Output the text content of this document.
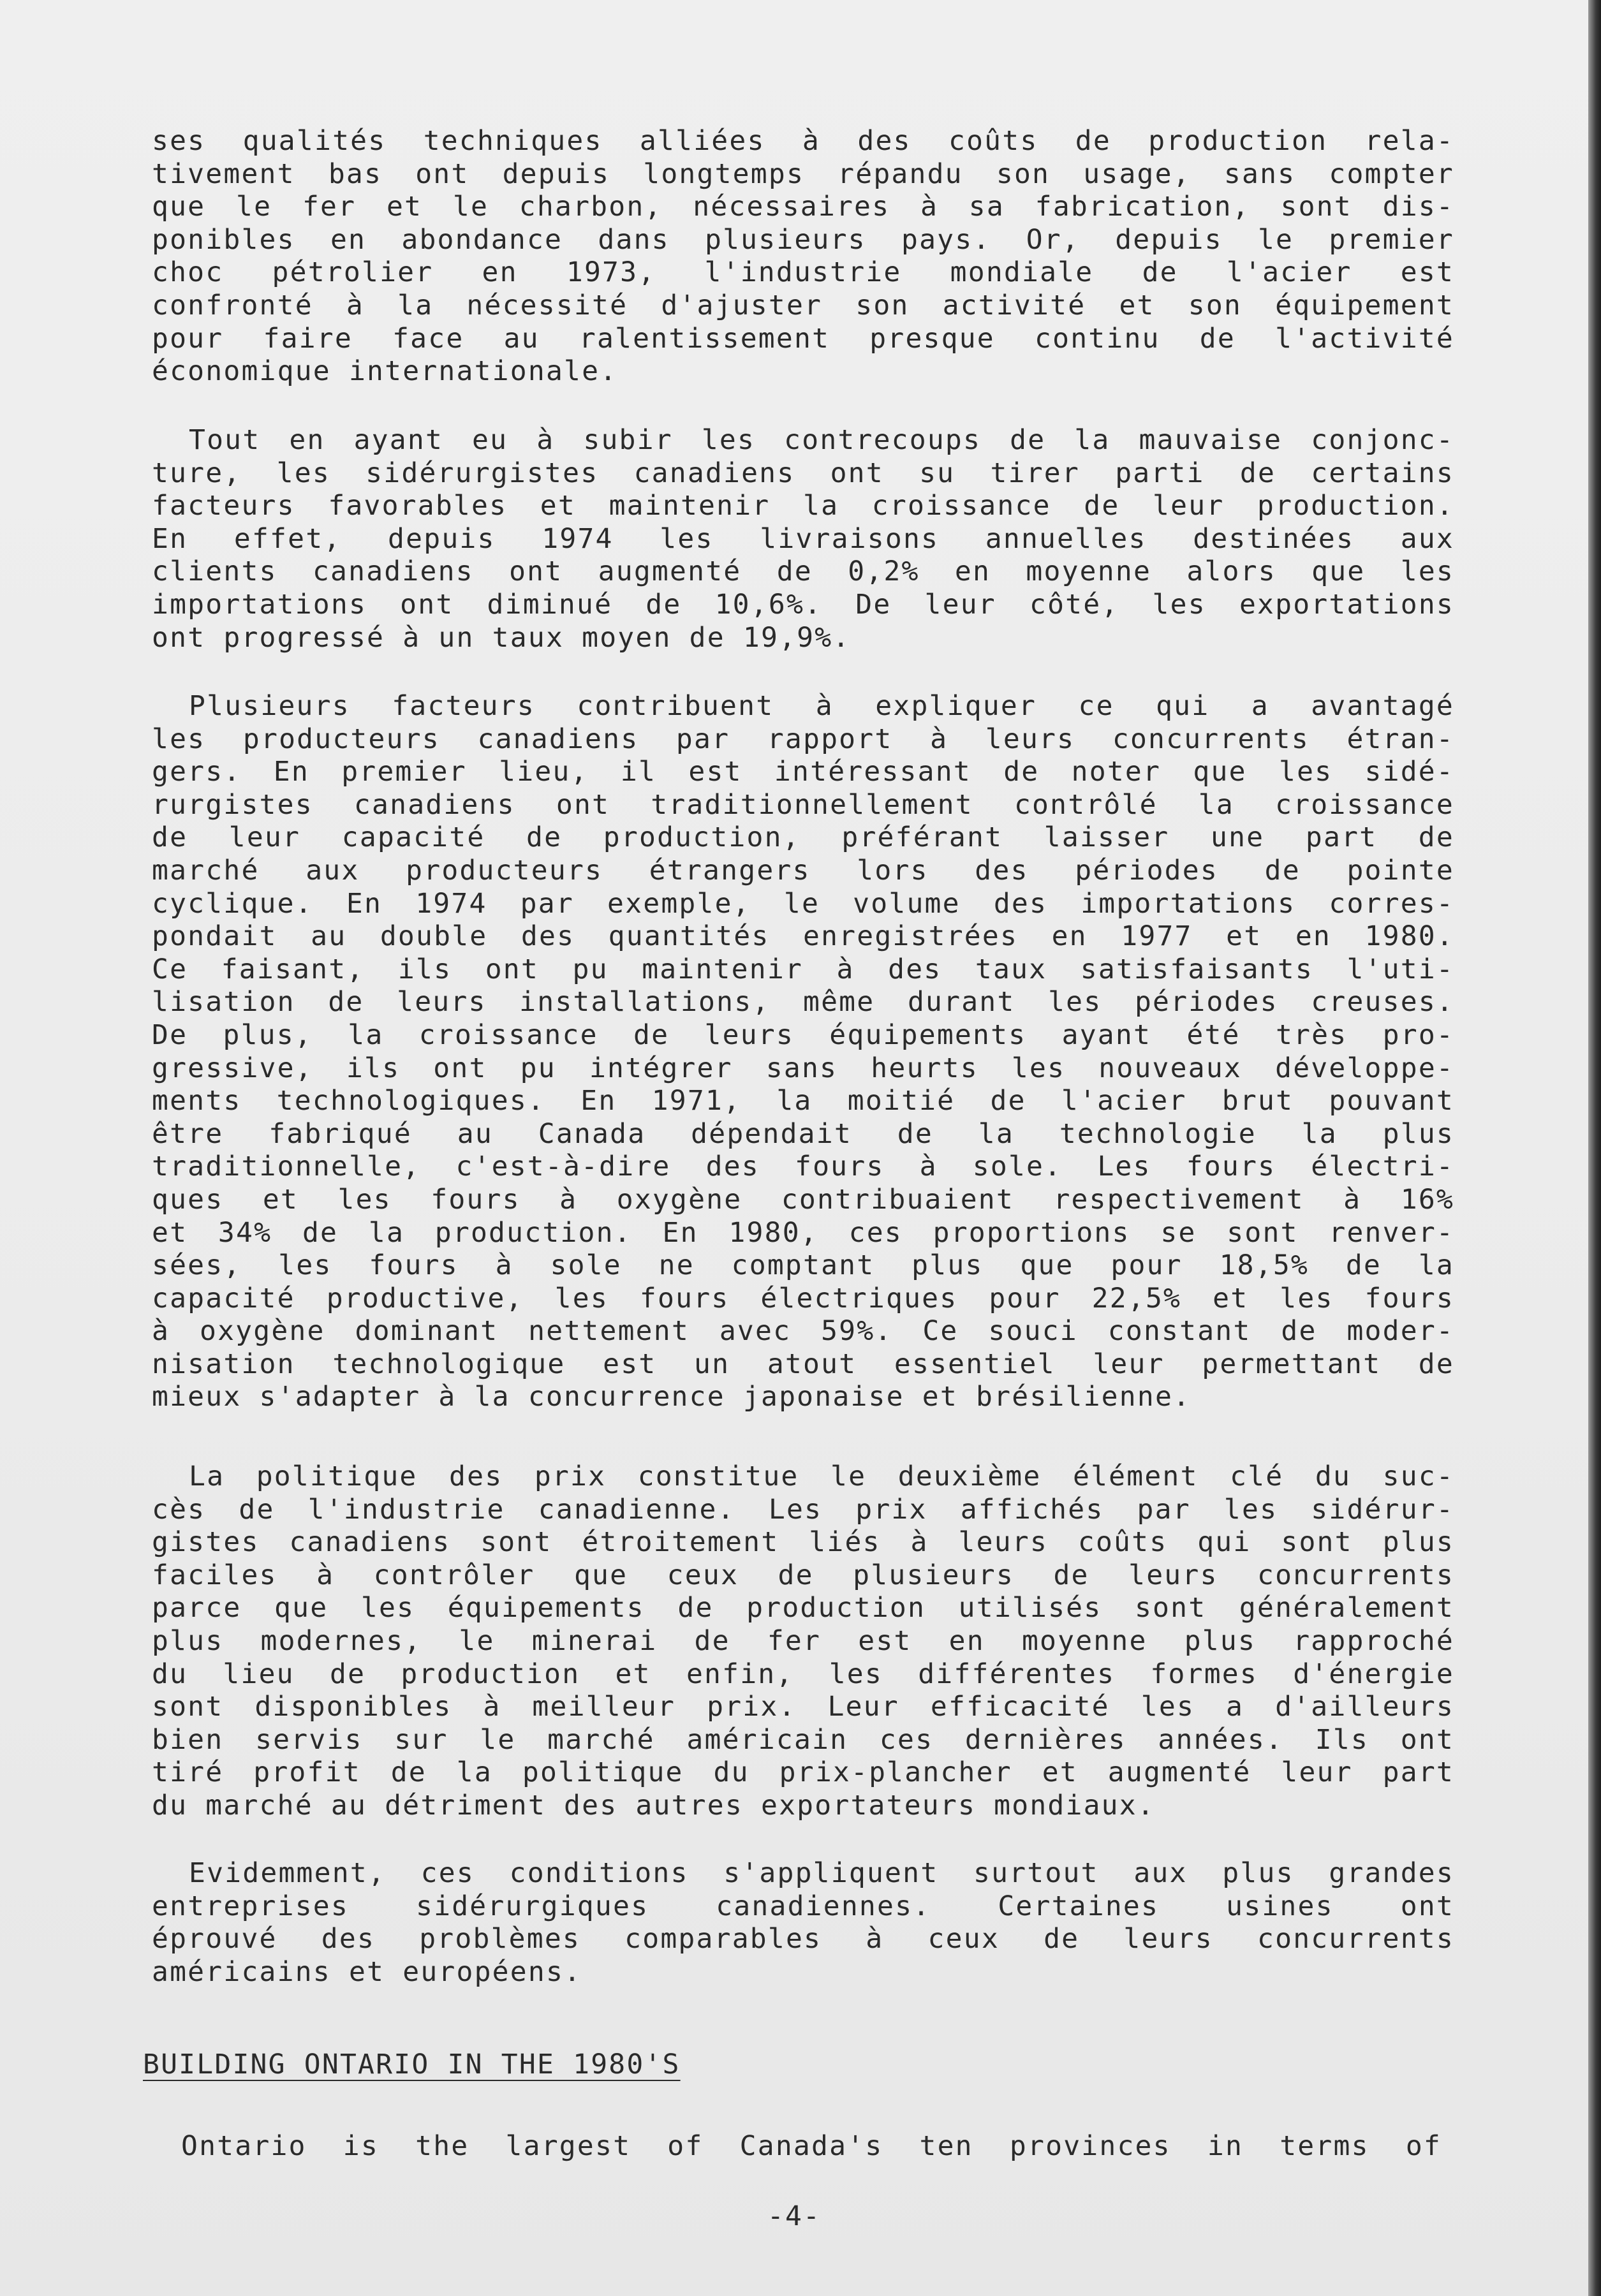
ses qualités techniques alliées à des coûts de production rela-
tivement bas ont depuis longtemps répandu son usage, sans compter
que le fer et le charbon, nécessaires à sa fabrication, sont dis-
ponibles en abondance dans plusieurs pays. Or, depuis le premier
choc pétrolier en 1973, l'industrie mondiale de l'acier est
confronté à la nécessité d'ajuster son activité et son équipement
pour faire face au ralentissement presque continu de l'activité
économique internationale.
Tout en ayant eu à subir les contrecoups de la mauvaise conjonc-
ture, les sidérurgistes canadiens ont su tirer parti de certains
facteurs favorables et maintenir la croissance de leur production.
En effet, depuis 1974 les livraisons annuelles destinées aux
clients canadiens ont augmenté de 0,2% en moyenne alors que les
importations ont diminué de 10,6%. De leur côté, les exportations
ont progressé à un taux moyen de 19,9%.
Plusieurs facteurs contribuent à expliquer ce qui a avantagé
les producteurs canadiens par rapport à leurs concurrents étran-
gers. En premier lieu, il est intéressant de noter que les sidé-
rurgistes canadiens ont traditionnellement contrôlé la croissance
de leur capacité de production, préférant laisser une part de
marché aux producteurs étrangers lors des périodes de pointe
cyclique. En 1974 par exemple, le volume des importations corres-
pondait au double des quantités enregistrées en 1977 et en 1980.
Ce faisant, ils ont pu maintenir à des taux satisfaisants l'uti-
lisation de leurs installations, même durant les périodes creuses.
De plus, la croissance de leurs équipements ayant été très pro-
gressive, ils ont pu intégrer sans heurts les nouveaux développe-
ments technologiques. En 1971, la moitié de l'acier brut pouvant
être fabriqué au Canada dépendait de la technologie la plus
traditionnelle, c'est-à-dire des fours à sole. Les fours électri-
ques et les fours à oxygène contribuaient respectivement à 16%
et 34% de la production. En 1980, ces proportions se sont renver-
sées, les fours à sole ne comptant plus que pour 18,5% de la
capacité productive, les fours électriques pour 22,5% et les fours
à oxygène dominant nettement avec 59%. Ce souci constant de moder-
nisation technologique est un atout essentiel leur permettant de
mieux s'adapter à la concurrence japonaise et brésilienne.
La politique des prix constitue le deuxième élément clé du suc-
cès de l'industrie canadienne. Les prix affichés par les sidérur-
gistes canadiens sont étroitement liés à leurs coûts qui sont plus
faciles à contrôler que ceux de plusieurs de leurs concurrents
parce que les équipements de production utilisés sont généralement
plus modernes, le minerai de fer est en moyenne plus rapproché
du lieu de production et enfin, les différentes formes d'énergie
sont disponibles à meilleur prix. Leur efficacité les a d'ailleurs
bien servis sur le marché américain ces dernières années. Ils ont
tiré profit de la politique du prix-plancher et augmenté leur part
du marché au détriment des autres exportateurs mondiaux.
Evidemment, ces conditions s'appliquent surtout aux plus grandes
entreprises sidérurgiques canadiennes. Certaines usines ont
éprouvé des problèmes comparables à ceux de leurs concurrents
américains et européens.
BUILDING ONTARIO IN THE 1980'S
Ontario is the largest of Canada's ten provinces in terms of
-4-
